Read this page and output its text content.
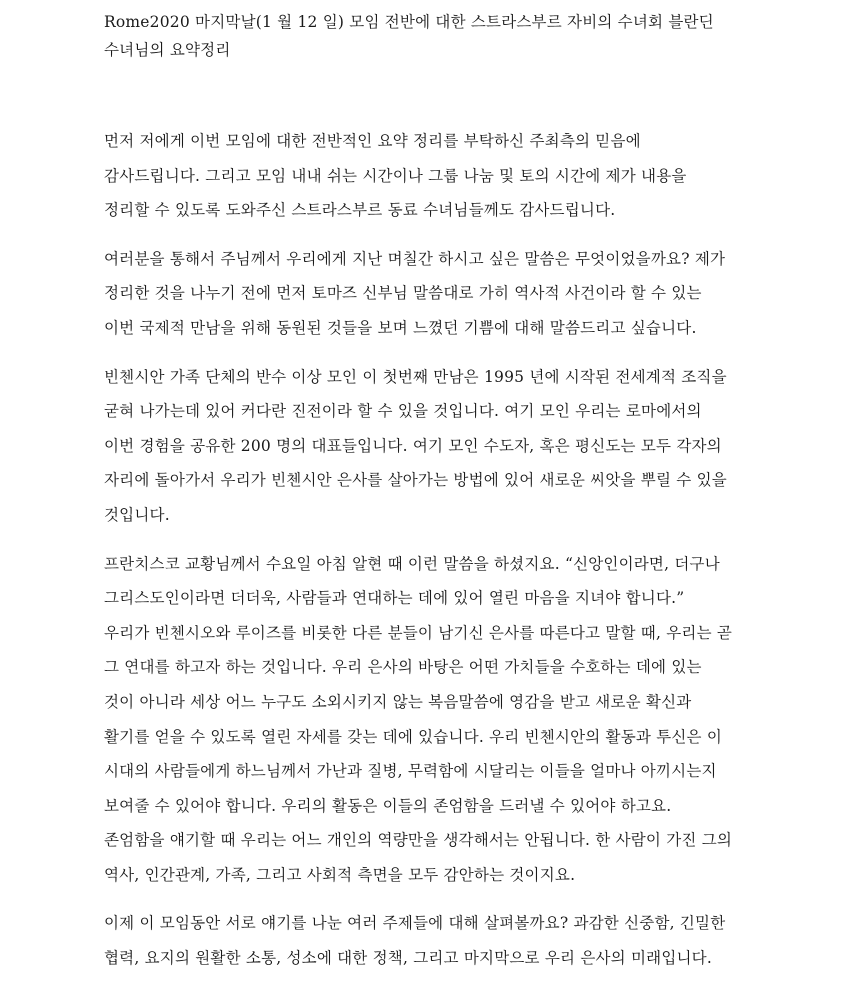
Rome2020 마지막날(1 월 12 일) 모임 전반에 대한 스트라스부르 자비의 수녀회 블란딘
수녀님의 요약정리
먼저 저에게 이번 모임에 대한 전반적인 요약 정리를 부탁하신 주최측의 믿음에
감사드립니다. 그리고 모임 내내 쉬는 시간이나 그룹 나눔 및 토의 시간에 제가 내용을
정리할 수 있도록 도와주신 스트라스부르 동료 수녀님들께도 감사드립니다.
여러분을 통해서 주님께서 우리에게 지난 며칠간 하시고 싶은 말씀은 무엇이었을까요? 제가
정리한 것을 나누기 전에 먼저 토마즈 신부님 말씀대로 가히 역사적 사건이라 할 수 있는
이번 국제적 만남을 위해 동원된 것들을 보며 느꼈던 기쁨에 대해 말씀드리고 싶습니다.
빈첸시안 가족 단체의 반수 이상 모인 이 첫번째 만남은 1995 년에 시작된 전세계적 조직을
굳혀 나가는데 있어 커다란 진전이라 할 수 있을 것입니다. 여기 모인 우리는 로마에서의
이번 경험을 공유한 200 명의 대표들입니다. 여기 모인 수도자, 혹은 평신도는 모두 각자의
자리에 돌아가서 우리가 빈첸시안 은사를 살아가는 방법에 있어 새로운 씨앗을 뿌릴 수 있을
것입니다.
프란치스코 교황님께서 수요일 아침 알현 때 이런 말씀을 하셨지요. “신앙인이라면, 더구나
그리스도인이라면 더더욱, 사람들과 연대하는 데에 있어 열린 마음을 지녀야 합니다.”
우리가 빈첸시오와 루이즈를 비롯한 다른 분들이 남기신 은사를 따른다고 말할 때, 우리는 곧
그 연대를 하고자 하는 것입니다. 우리 은사의 바탕은 어떤 가치들을 수호하는 데에 있는
것이 아니라 세상 어느 누구도 소외시키지 않는 복음말씀에 영감을 받고 새로운 확신과
활기를 얻을 수 있도록 열린 자세를 갖는 데에 있습니다. 우리 빈첸시안의 활동과 투신은 이
시대의 사람들에게 하느님께서 가난과 질병, 무력함에 시달리는 이들을 얼마나 아끼시는지
보여줄 수 있어야 합니다. 우리의 활동은 이들의 존엄함을 드러낼 수 있어야 하고요.
존엄함을 얘기할 때 우리는 어느 개인의 역량만을 생각해서는 안됩니다. 한 사람이 가진 그의
역사, 인간관계, 가족, 그리고 사회적 측면을 모두 감안하는 것이지요.
이제 이 모임동안 서로 얘기를 나눈 여러 주제들에 대해 살펴볼까요? 과감한 신중함, 긴밀한
협력, 요지의 원활한 소통, 성소에 대한 정책, 그리고 마지막으로 우리 은사의 미래입니다.
